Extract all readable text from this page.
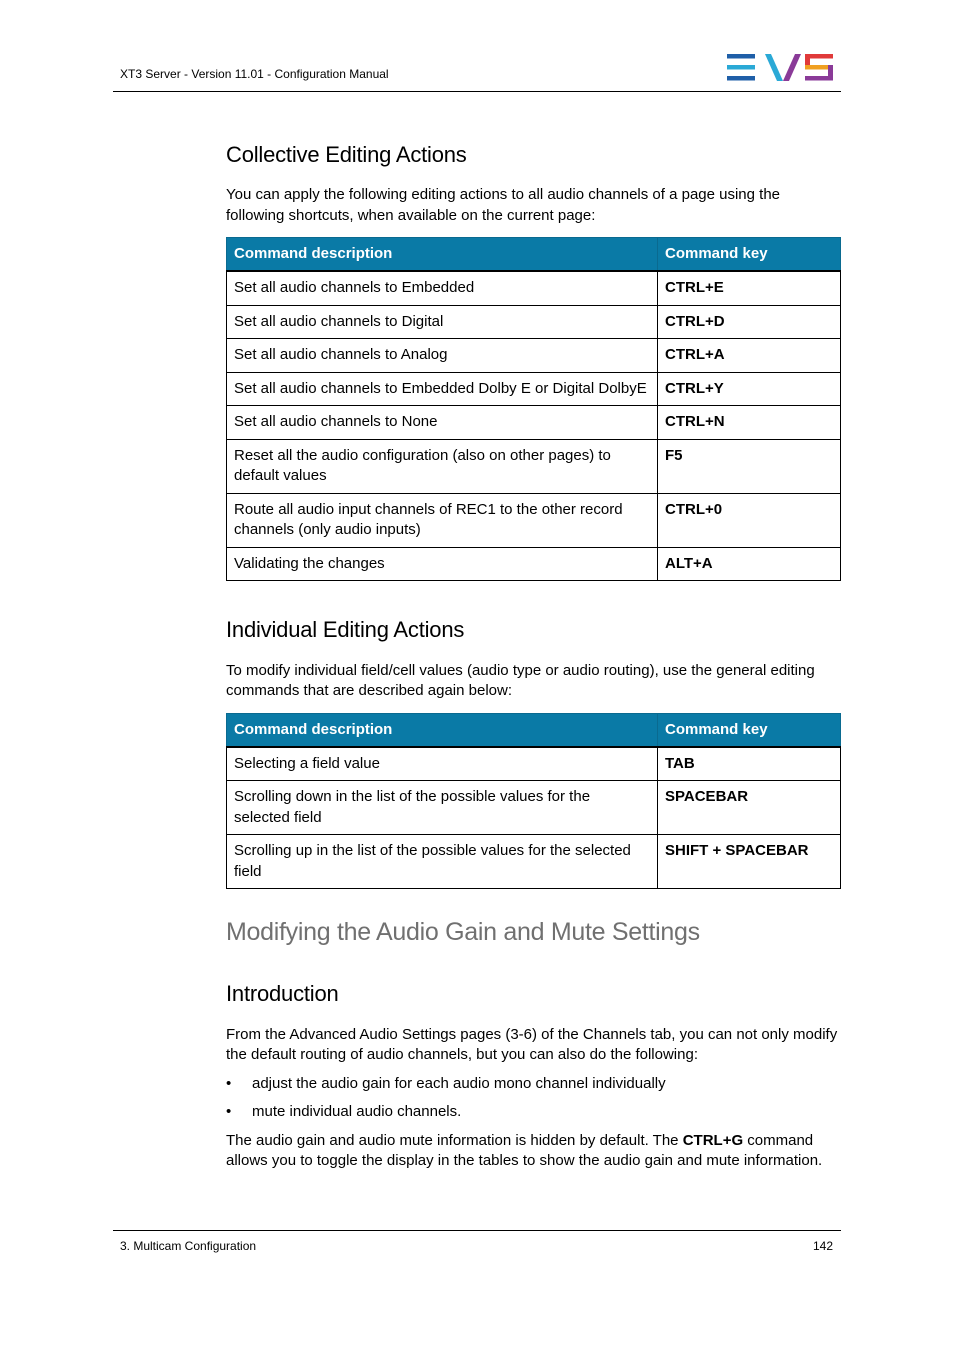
XT3 Server - Version 11.01 - Configuration Manual
Collective Editing Actions

You can apply the following editing actions to all audio channels of a page using the following shortcuts, when available on the current page:

Command description	Command key
Set all audio channels to Embedded	CTRL+E
Set all audio channels to Digital	CTRL+D
Set all audio channels to Analog	CTRL+A
Set all audio channels to Embedded Dolby E or Digital DolbyE	CTRL+Y
Set all audio channels to None	CTRL+N
Reset all the audio configuration (also on other pages) to default values	F5
Route all audio input channels of REC1 to the other record channels (only audio inputs)	CTRL+0
Validating the changes	ALT+A
Individual Editing Actions

To modify individual field/cell values (audio type or audio routing), use the general editing commands that are described again below:

Command description	Command key
Selecting a field value	TAB
Scrolling down in the list of the possible values for the selected field	SPACEBAR
Scrolling up in the list of the possible values for the selected field	SHIFT + SPACEBAR
Modifying the Audio Gain and Mute Settings
Introduction

From the Advanced Audio Settings pages (3-6) of the Channels tab, you can not only modify the default routing of audio channels, but you can also do the following:

• adjust the audio gain for each audio mono channel individually
• mute individual audio channels.

The audio gain and audio mute information is hidden by default. The CTRL+G command allows you to toggle the display in the tables to show the audio gain and mute information.

3. Multicam Configuration	142
